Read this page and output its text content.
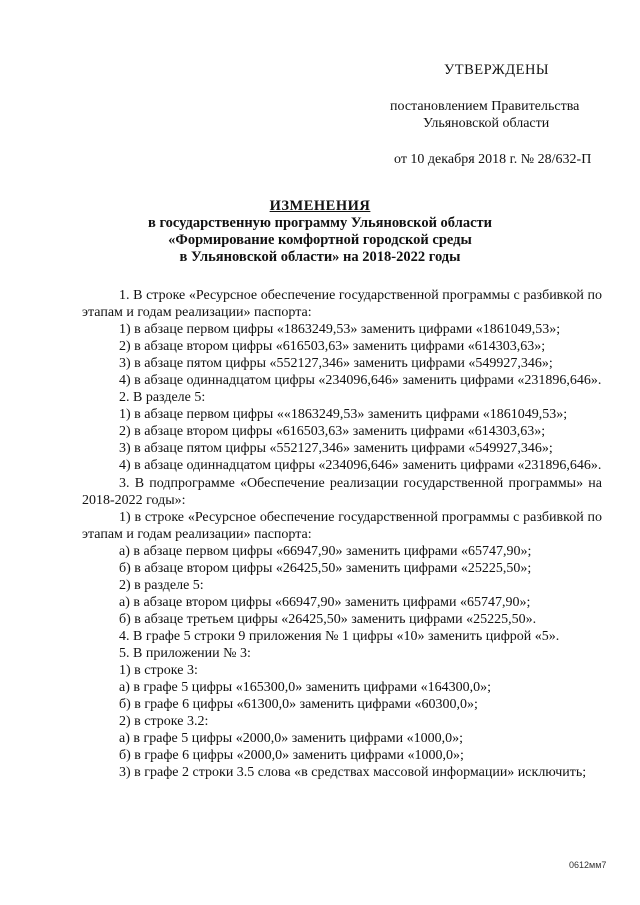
УТВЕРЖДЕНЫ
постановлением Правительства
Ульяновской области
от 10 декабря 2018 г. № 28/632-П
ИЗМЕНЕНИЯ
в государственную программу Ульяновской области
«Формирование комфортной городской среды
в Ульяновской области» на 2018-2022 годы

1. В строке «Ресурсное обеспечение государственной программы с разбивкой по этапам и годам реализации» паспорта:

1) в абзаце первом цифры «1863249,53» заменить цифрами «1861049,53»;

2) в абзаце втором цифры «616503,63» заменить цифрами «614303,63»;

3) в абзаце пятом цифры «552127,346» заменить цифрами «549927,346»;

4) в абзаце одиннадцатом цифры «234096,646» заменить цифрами «231896,646».

2. В разделе 5:

1) в абзаце первом цифры ««1863249,53» заменить цифрами «1861049,53»;

2) в абзаце втором цифры «616503,63» заменить цифрами «614303,63»;

3) в абзаце пятом цифры «552127,346» заменить цифрами «549927,346»;

4) в абзаце одиннадцатом цифры «234096,646» заменить цифрами «231896,646».

3. В подпрограмме «Обеспечение реализации государственной программы» на 2018-2022 годы»:

1) в строке «Ресурсное обеспечение государственной программы с разбивкой по этапам и годам реализации» паспорта:

а) в абзаце первом цифры «66947,90» заменить цифрами «65747,90»;

б) в абзаце втором цифры «26425,50» заменить цифрами «25225,50»;

2) в разделе 5:

а) в абзаце втором цифры «66947,90» заменить цифрами «65747,90»;

б) в абзаце третьем цифры «26425,50» заменить цифрами «25225,50».

4. В графе 5 строки 9 приложения № 1 цифры «10» заменить цифрой «5».

5. В приложении № 3:

1) в строке 3:

а) в графе 5 цифры «165300,0» заменить цифрами «164300,0»;

б) в графе 6 цифры «61300,0» заменить цифрами «60300,0»;

2) в строке 3.2:

а) в графе 5 цифры «2000,0» заменить цифрами «1000,0»;

б) в графе 6 цифры «2000,0» заменить цифрами «1000,0»;

3) в графе 2 строки 3.5 слова «в средствах массовой информации» исключить;

0612мм7
